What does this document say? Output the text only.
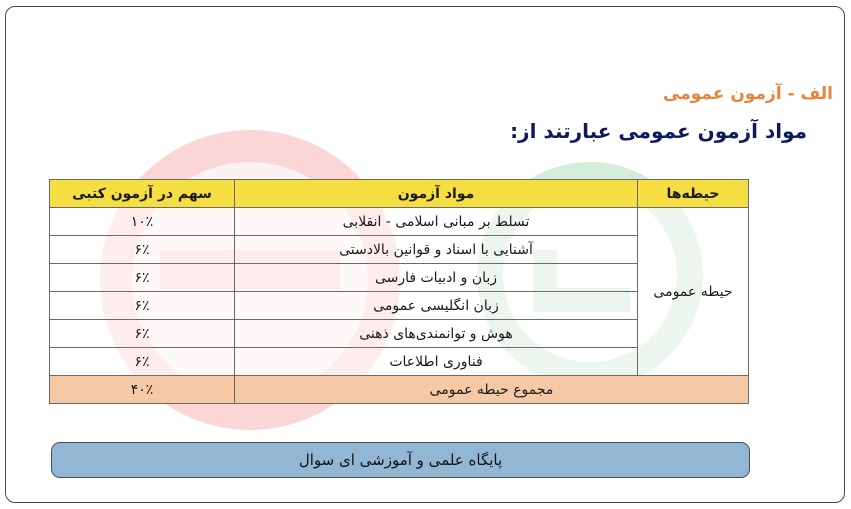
الف - آزمون عمومی
مواد آزمون عمومی عبارتند از:
حیطه‌ها	مواد آزمون	سهم در آزمون کتبی
حیطه عمومی	تسلط بر مبانی اسلامی - انقلابی	۱۰٪
	آشنایی با اسناد و قوانین بالادستی	۶٪
	زبان و ادبیات فارسی	۶٪
	زبان انگلیسی عمومی	۶٪
	هوش و توانمندی‌های ذهنی	۶٪
	فناوری اطلاعات	۶٪
مجموع حیطه عمومی		۴۰٪
پایگاه علمی و آموزشی ای سوال
